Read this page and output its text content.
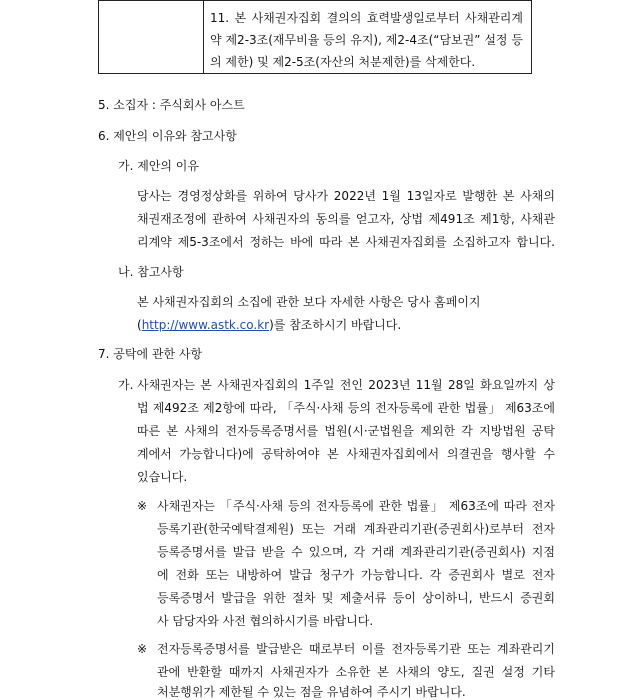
	11. 본 사채권자집회 결의의 효력발생일로부터 사채관리계약 제2-3조(재무비율 등의 유지), 제2-4조(“담보권” 설정 등의 제한) 및 제2-5조(자산의 처분제한)를 삭제한다.
5. 소집자 : 주식회사 아스트
6. 제안의 이유와 참고사항
가. 제안의 이유
당사는 경영정상화를 위하여 당사가 2022년 1월 13일자로 발행한 본 사채의
채권재조정에 관하여 사채권자의 동의를 얻고자, 상법 제491조 제1항, 사채관
리계약 제5-3조에서 정하는 바에 따라 본 사채권자집회를 소집하고자 합니다.
나. 참고사항
본 사채권자집회의 소집에 관한 보다 자세한 사항은 당사 홈페이지
(http://www.astk.co.kr)를 참조하시기 바랍니다.
7. 공탁에 관한 사항
가. 사채권자는 본 사채권자집회의 1주일 전인 2023년 11월 28일 화요일까지 상
법 제492조 제2항에 따라, 「주식·사채 등의 전자등록에 관한 법률」 제63조에
따른 본 사채의 전자등록증명서를 법원(시·군법원을 제외한 각 지방법원 공탁
계에서 가능합니다)에 공탁하여야 본 사채권자집회에서 의결권을 행사할 수
있습니다.
※ 사채권자는 「주식·사채 등의 전자등록에 관한 법률」 제63조에 따라 전자
등록기관(한국예탁결제원) 또는 거래 계좌관리기관(증권회사)로부터 전자
등록증명서를 발급 받을 수 있으며, 각 거래 계좌관리기관(증권회사) 지점
에 전화 또는 내방하여 발급 청구가 가능합니다. 각 증권회사 별로 전자
등록증명서 발급을 위한 절차 및 제출서류 등이 상이하니, 반드시 증권회
사 담당자와 사전 협의하시기를 바랍니다.
※ 전자등록증명서를 발급받은 때로부터 이를 전자등록기관 또는 계좌관리기
관에 반환할 때까지 사채권자가 소유한 본 사채의 양도, 질권 설정 기타
처분행위가 제한될 수 있는 점을 유념하여 주시기 바랍니다.
